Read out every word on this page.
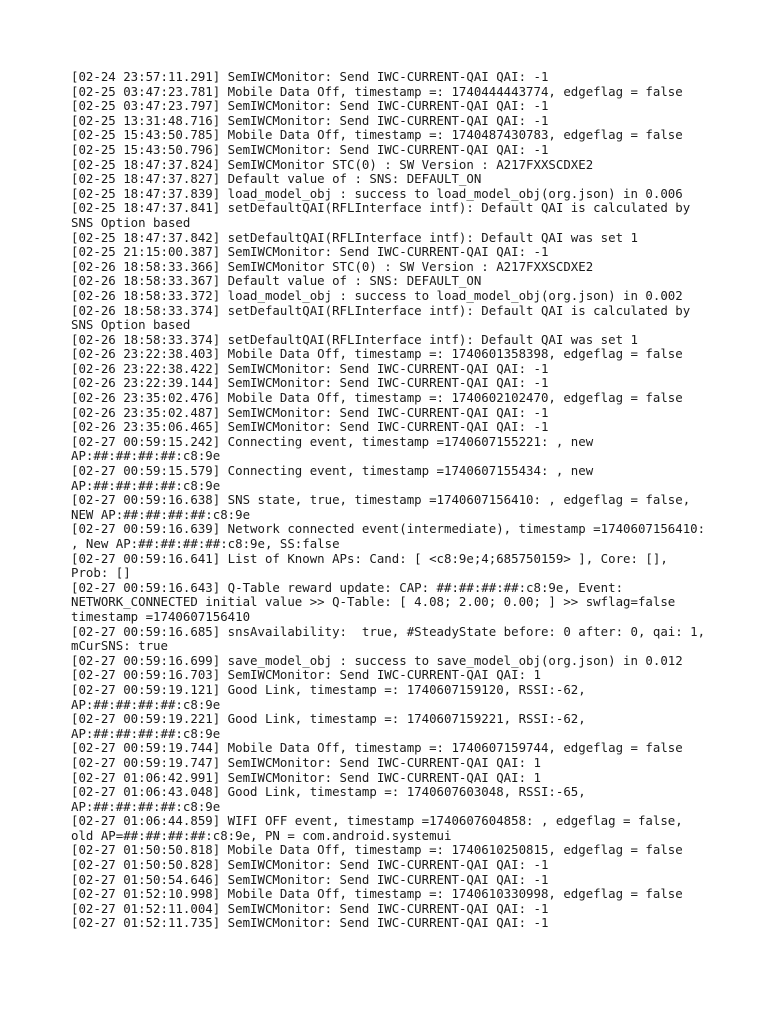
[02-24 23:57:11.291] SemIWCMonitor: Send IWC-CURRENT-QAI QAI: -1
[02-25 03:47:23.781] Mobile Data Off, timestamp =: 1740444443774, edgeflag = false
[02-25 03:47:23.797] SemIWCMonitor: Send IWC-CURRENT-QAI QAI: -1
[02-25 13:31:48.716] SemIWCMonitor: Send IWC-CURRENT-QAI QAI: -1
[02-25 15:43:50.785] Mobile Data Off, timestamp =: 1740487430783, edgeflag = false
[02-25 15:43:50.796] SemIWCMonitor: Send IWC-CURRENT-QAI QAI: -1
[02-25 18:47:37.824] SemIWCMonitor STC(0) : SW Version : A217FXXSCDXE2
[02-25 18:47:37.827] Default value of : SNS: DEFAULT_ON
[02-25 18:47:37.839] load_model_obj : success to load_model_obj(org.json) in 0.006
[02-25 18:47:37.841] setDefaultQAI(RFLInterface intf): Default QAI is calculated by SNS Option based
[02-25 18:47:37.842] setDefaultQAI(RFLInterface intf): Default QAI was set 1
[02-25 21:15:00.387] SemIWCMonitor: Send IWC-CURRENT-QAI QAI: -1
[02-26 18:58:33.366] SemIWCMonitor STC(0) : SW Version : A217FXXSCDXE2
[02-26 18:58:33.367] Default value of : SNS: DEFAULT_ON
[02-26 18:58:33.372] load_model_obj : success to load_model_obj(org.json) in 0.002
[02-26 18:58:33.374] setDefaultQAI(RFLInterface intf): Default QAI is calculated by SNS Option based
[02-26 18:58:33.374] setDefaultQAI(RFLInterface intf): Default QAI was set 1
[02-26 23:22:38.403] Mobile Data Off, timestamp =: 1740601358398, edgeflag = false
[02-26 23:22:38.422] SemIWCMonitor: Send IWC-CURRENT-QAI QAI: -1
[02-26 23:22:39.144] SemIWCMonitor: Send IWC-CURRENT-QAI QAI: -1
[02-26 23:35:02.476] Mobile Data Off, timestamp =: 1740602102470, edgeflag = false
[02-26 23:35:02.487] SemIWCMonitor: Send IWC-CURRENT-QAI QAI: -1
[02-26 23:35:06.465] SemIWCMonitor: Send IWC-CURRENT-QAI QAI: -1
[02-27 00:59:15.242] Connecting event, timestamp =1740607155221: , new AP:##:##:##:##:c8:9e
[02-27 00:59:15.579] Connecting event, timestamp =1740607155434: , new AP:##:##:##:##:c8:9e
[02-27 00:59:16.638] SNS state, true, timestamp =1740607156410: , edgeflag = false, NEW AP:##:##:##:##:c8:9e
[02-27 00:59:16.639] Network connected event(intermediate), timestamp =1740607156410: , New AP:##:##:##:##:c8:9e, SS:false
[02-27 00:59:16.641] List of Known APs: Cand: [ <c8:9e;4;685750159> ], Core: [], Prob: []
[02-27 00:59:16.643] Q-Table reward update: CAP: ##:##:##:##:c8:9e, Event: NETWORK_CONNECTED initial value >> Q-Table: [ 4.08; 2.00; 0.00; ] >> swflag=false timestamp =1740607156410
[02-27 00:59:16.685] snsAvailability:  true, #SteadyState before: 0 after: 0, qai: 1, mCurSNS: true
[02-27 00:59:16.699] save_model_obj : success to save_model_obj(org.json) in 0.012
[02-27 00:59:16.703] SemIWCMonitor: Send IWC-CURRENT-QAI QAI: 1
[02-27 00:59:19.121] Good Link, timestamp =: 1740607159120, RSSI:-62, AP:##:##:##:##:c8:9e
[02-27 00:59:19.221] Good Link, timestamp =: 1740607159221, RSSI:-62, AP:##:##:##:##:c8:9e
[02-27 00:59:19.744] Mobile Data Off, timestamp =: 1740607159744, edgeflag = false
[02-27 00:59:19.747] SemIWCMonitor: Send IWC-CURRENT-QAI QAI: 1
[02-27 01:06:42.991] SemIWCMonitor: Send IWC-CURRENT-QAI QAI: 1
[02-27 01:06:43.048] Good Link, timestamp =: 1740607603048, RSSI:-65, AP:##:##:##:##:c8:9e
[02-27 01:06:44.859] WIFI OFF event, timestamp =1740607604858: , edgeflag = false, old AP=##:##:##:##:c8:9e, PN = com.android.systemui
[02-27 01:50:50.818] Mobile Data Off, timestamp =: 1740610250815, edgeflag = false
[02-27 01:50:50.828] SemIWCMonitor: Send IWC-CURRENT-QAI QAI: -1
[02-27 01:50:54.646] SemIWCMonitor: Send IWC-CURRENT-QAI QAI: -1
[02-27 01:52:10.998] Mobile Data Off, timestamp =: 1740610330998, edgeflag = false
[02-27 01:52:11.004] SemIWCMonitor: Send IWC-CURRENT-QAI QAI: -1
[02-27 01:52:11.735] SemIWCMonitor: Send IWC-CURRENT-QAI QAI: -1
